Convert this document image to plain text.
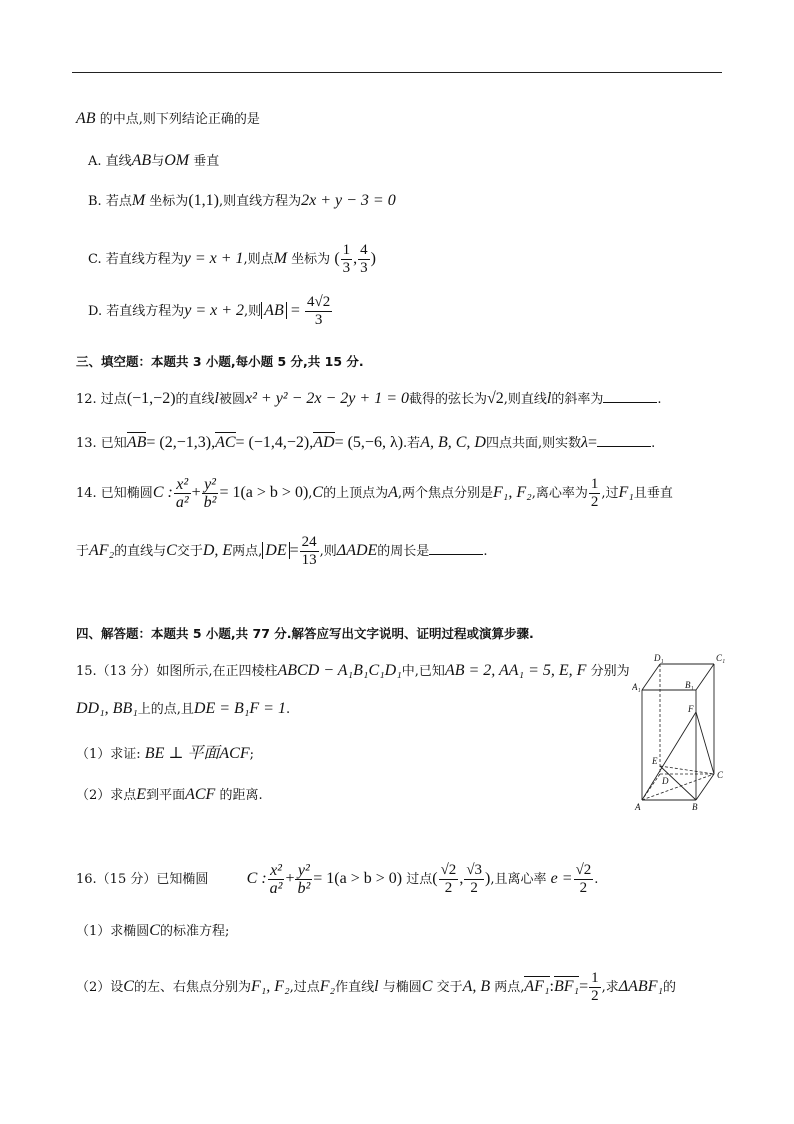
AB 的中点,则下列结论正确的是
A. 直线AB与OM 垂直
B. 若点M 坐标为(1,1),则直线方程为2x + y − 3 = 0
C. 若直线方程为y = x + 1,则点M 坐标为 ( $\frac{1}{3}$ , $\frac{4}{3}$ )
D. 若直线方程为y = x + 2,则 AB = $\frac{4√2}{3}$
三、填空题：本题共 3 小题,每小题 5 分,共 15 分.
12. 过点(−1,−2)的直线l被圆x² + y² − 2x − 2y + 1 = 0截得的弦长为√2,则直线l的斜率为	.
13. 已知AB= (2,−1,3),AC= (−1,4,−2),AD= (5,−6, λ).若A, B, C, D四点共面,则实数λ=	.
14. 已知椭圆C : $\frac{\text{x²}}{\text{a²}} + \frac{\text{y²}}{\text{b²}} = 1(a > b > 0),C$的上顶点为A,两个焦点分别是F₁, F₂,离心率为 $\frac{1}{2}$ ,过F₁且垂直
于AF₂的直线与C交于D, E两点, DE = $\frac{24}{13}$ ,则ΔADE的周长是	.
四、解答题：本题共 5 小题,共 77 分.解答应写出文字说明、证明过程或演算步骤.
15.（13 分）如图所示,在正四棱柱ABCD − A₁B₁C₁D₁中,已知AB = 2, AA₁ = 5, E, F 分别为
DD₁, BB₁上的点,且DE = B₁F = 1.
（1）求证: BE ⊥ 平面ACF;
（2）求点E到平面ACF 的距离.
D₁	C₁
A₁	B₁
F
E
D
C
A	B
16.（15 分）已知椭圆 C : $\frac{\text{x²}}{\text{a²}} + \frac{\text{y²}}{\text{b²}} = 1(a > b > 0)$ 过点( $\frac{√2}{2}$ , $\frac{√3}{2}$ ),且离心率 $e = \frac{√2}{2}$ .
（1）求椭圆C的标准方程;
（2）设C的左、右焦点分别为F₁, F₂,过点F₂作直线l 与椭圆C 交于A, B 两点,AF₁:BF₁= $\frac{1}{2}$ ,求ΔABF₁的
